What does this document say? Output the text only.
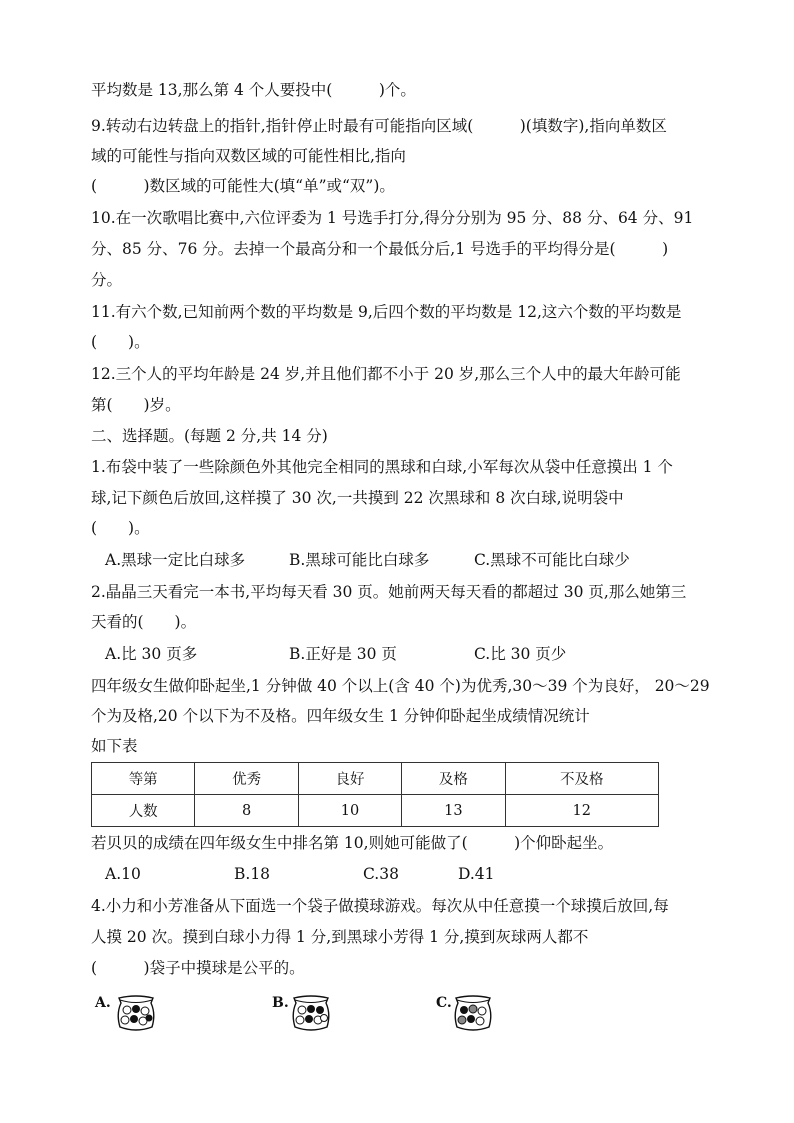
平均数是 13,那么第 4 个人要投中(　　　)个。
9.转动右边转盘上的指针,指针停止时最有可能指向区域(　　　)(填数字),指向单数区
域的可能性与指向双数区域的可能性相比,指向
(　　　)数区域的可能性大(填“单”或“双”)。
10.在一次歌唱比赛中,六位评委为 1 号选手打分,得分分别为 95 分、88 分、64 分、91
分、85 分、76 分。去掉一个最高分和一个最低分后,1 号选手的平均得分是(　　　)
分。
11.有六个数,已知前两个数的平均数是 9,后四个数的平均数是 12,这六个数的平均数是
(　　)。
12.三个人的平均年龄是 24 岁,并且他们都不小于 20 岁,那么三个人中的最大年龄可能
第(　　)岁。
二、选择题。(每题 2 分,共 14 分)
1.布袋中装了一些除颜色外其他完全相同的黑球和白球,小军每次从袋中任意摸出 1 个
球,记下颜色后放回,这样摸了 30 次,一共摸到 22 次黑球和 8 次白球,说明袋中
(　　)。
A.黑球一定比白球多	B.黑球可能比白球多	C.黑球不可能比白球少
2.晶晶三天看完一本书,平均每天看 30 页。她前两天每天看的都超过 30 页,那么她第三
天看的(　　)。
A.比 30 页多	B.正好是 30 页	C.比 30 页少
四年级女生做仰卧起坐,1 分钟做 40 个以上(含 40 个)为优秀,30～39 个为良好， 20～29
个为及格,20 个以下为不及格。四年级女生 1 分钟仰卧起坐成绩情况统计
如下表
等第	优秀	良好	及格	不及格
人数	8	10	13	12
若贝贝的成绩在四年级女生中排名第 10,则她可能做了(　　　)个仰卧起坐。
A.10	B.18	C.38	D.41
4.小力和小芳准备从下面选一个袋子做摸球游戏。每次从中任意摸一个球摸后放回,每
人摸 20 次。摸到白球小力得 1 分,到黑球小芳得 1 分,摸到灰球两人都不
(　　　)袋子中摸球是公平的。
A.	B.	C.
